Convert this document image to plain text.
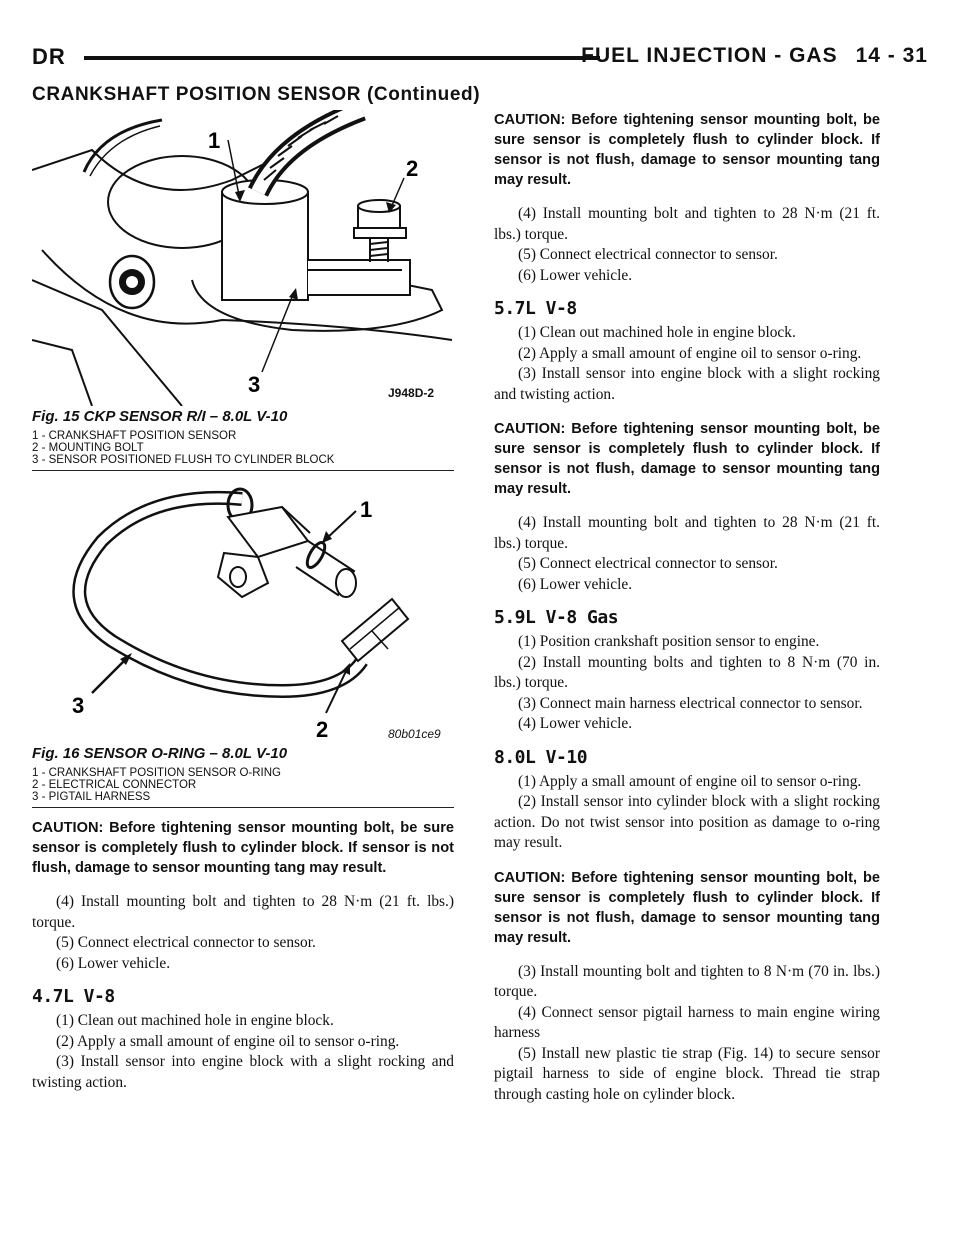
DR	FUEL INJECTION - GAS 14 - 31
CRANKSHAFT POSITION SENSOR (Continued)
1
2
3	J948D-2
Fig. 15 CKP SENSOR R/I – 8.0L V-10
1 - CRANKSHAFT POSITION SENSOR
2 - MOUNTING BOLT
3 - SENSOR POSITIONED FLUSH TO CYLINDER BLOCK
1
2
3
80b01ce9
Fig. 16 SENSOR O-RING – 8.0L V-10
1 - CRANKSHAFT POSITION SENSOR O-RING
2 - ELECTRICAL CONNECTOR
3 - PIGTAIL HARNESS
CAUTION: Before tightening sensor mounting bolt, be sure sensor is completely flush to cylinder block. If sensor is not flush, damage to sensor mounting tang may result.

(4) Install mounting bolt and tighten to 28 N·m (21 ft. lbs.) torque.

(5) Connect electrical connector to sensor.

(6) Lower vehicle.

4.7L V-8

(1) Clean out machined hole in engine block.

(2) Apply a small amount of engine oil to sensor o-ring.

(3) Install sensor into engine block with a slight rocking and twisting action.

CAUTION: Before tightening sensor mounting bolt, be sure sensor is completely flush to cylinder block. If sensor is not flush, damage to sensor mounting tang may result.

(4) Install mounting bolt and tighten to 28 N·m (21 ft. lbs.) torque.

(5) Connect electrical connector to sensor.

(6) Lower vehicle.

5.7L V-8

(1) Clean out machined hole in engine block.

(2) Apply a small amount of engine oil to sensor o-ring.

(3) Install sensor into engine block with a slight rocking and twisting action.

CAUTION: Before tightening sensor mounting bolt, be sure sensor is completely flush to cylinder block. If sensor is not flush, damage to sensor mounting tang may result.

(4) Install mounting bolt and tighten to 28 N·m (21 ft. lbs.) torque.

(5) Connect electrical connector to sensor.

(6) Lower vehicle.

5.9L V-8 Gas

(1) Position crankshaft position sensor to engine.

(2) Install mounting bolts and tighten to 8 N·m (70 in. lbs.) torque.

(3) Connect main harness electrical connector to sensor.

(4) Lower vehicle.

8.0L V-10

(1) Apply a small amount of engine oil to sensor o-ring.

(2) Install sensor into cylinder block with a slight rocking action. Do not twist sensor into position as damage to o-ring may result.

CAUTION: Before tightening sensor mounting bolt, be sure sensor is completely flush to cylinder block. If sensor is not flush, damage to sensor mounting tang may result.

(3) Install mounting bolt and tighten to 8 N·m (70 in. lbs.) torque.

(4) Connect sensor pigtail harness to main engine wiring harness

(5) Install new plastic tie strap (Fig. 14) to secure sensor pigtail harness to side of engine block. Thread tie strap through casting hole on cylinder block.
